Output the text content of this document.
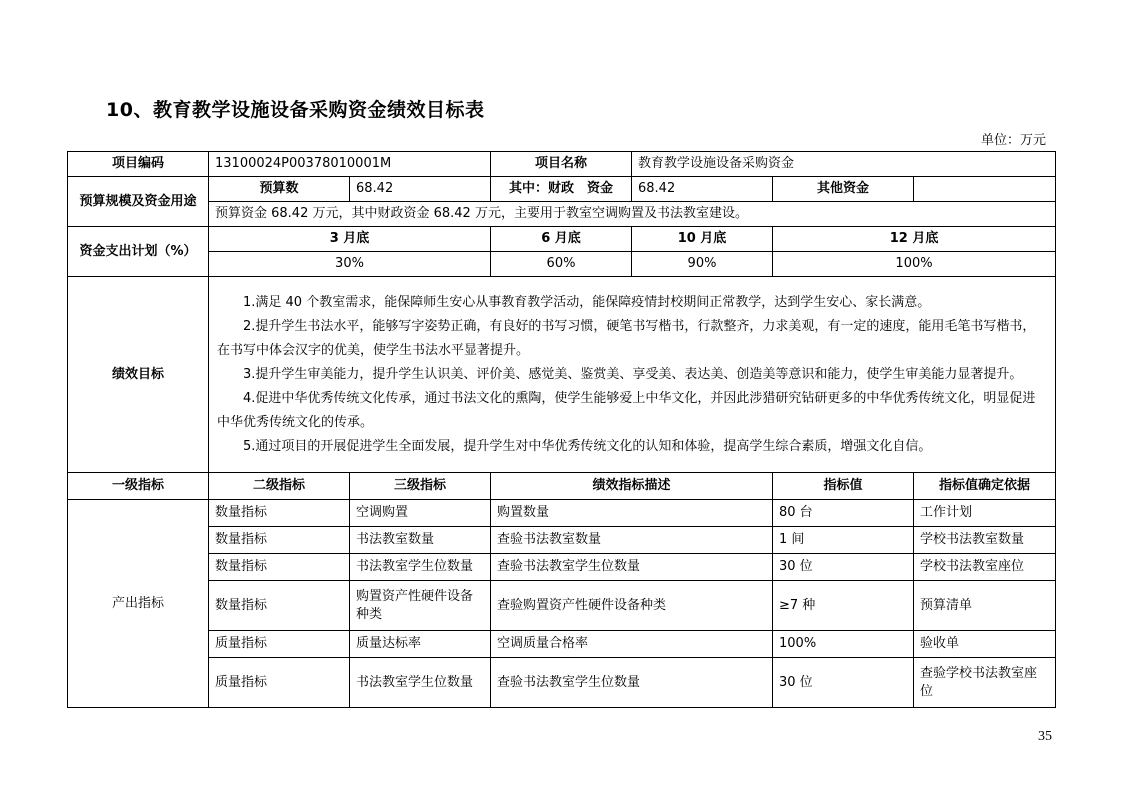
10、教育教学设施设备采购资金绩效目标表
单位：万元
项目编码	13100024P00378010001M		项目名称	教育教学设施设备采购资金		
预算规模及资金用途	预算数	68.42	其中：财政　资金	68.42	其他资金	
	预算资金 68.42 万元，其中财政资金 68.42 万元，主要用于教室空调购置及书法教室建设。					
资金支出计划（%）	3 月底		6 月底	10 月底	12 月底	
	30%		60%	90%	100%	
绩效目标	1.满足 40 个教室需求，能保障师生安心从事教育教学活动，能保障疫情封校期间正常教学，达到学生安心、家长满意。

2.提升学生书法水平，能够写字姿势正确，有良好的书写习惯，硬笔书写楷书，行款整齐，力求美观，有一定的速度，能用毛笔书写楷书，在书写中体会汉字的优美，使学生书法水平显著提升。

3.提升学生审美能力，提升学生认识美、评价美、感觉美、鉴赏美、享受美、表达美、创造美等意识和能力，使学生审美能力显著提升。

4.促进中华优秀传统文化传承，通过书法文化的熏陶，使学生能够爱上中华文化，并因此涉猎研究钻研更多的中华优秀传统文化，明显促进中华优秀传统文化的传承。

5.通过项目的开展促进学生全面发展，提升学生对中华优秀传统文化的认知和体验，提高学生综合素质，增强文化自信。					

一级指标	二级指标	三级指标	绩效指标描述		指标值	指标值确定依据
产出指标	数量指标	空调购置	购置数量		80 台	工作计划
	数量指标	书法教室数量	查验书法教室数量		1 间	学校书法教室数量
	数量指标	书法教室学生位数量	查验书法教室学生位数量		30 位	学校书法教室座位
	数量指标	购置资产性硬件设备种类	查验购置资产性硬件设备种类		≥7 种	预算清单
	质量指标	质量达标率	空调质量合格率		100%	验收单
	质量指标	书法教室学生位数量	查验书法教室学生位数量		30 位	查验学校书法教室座位
35
